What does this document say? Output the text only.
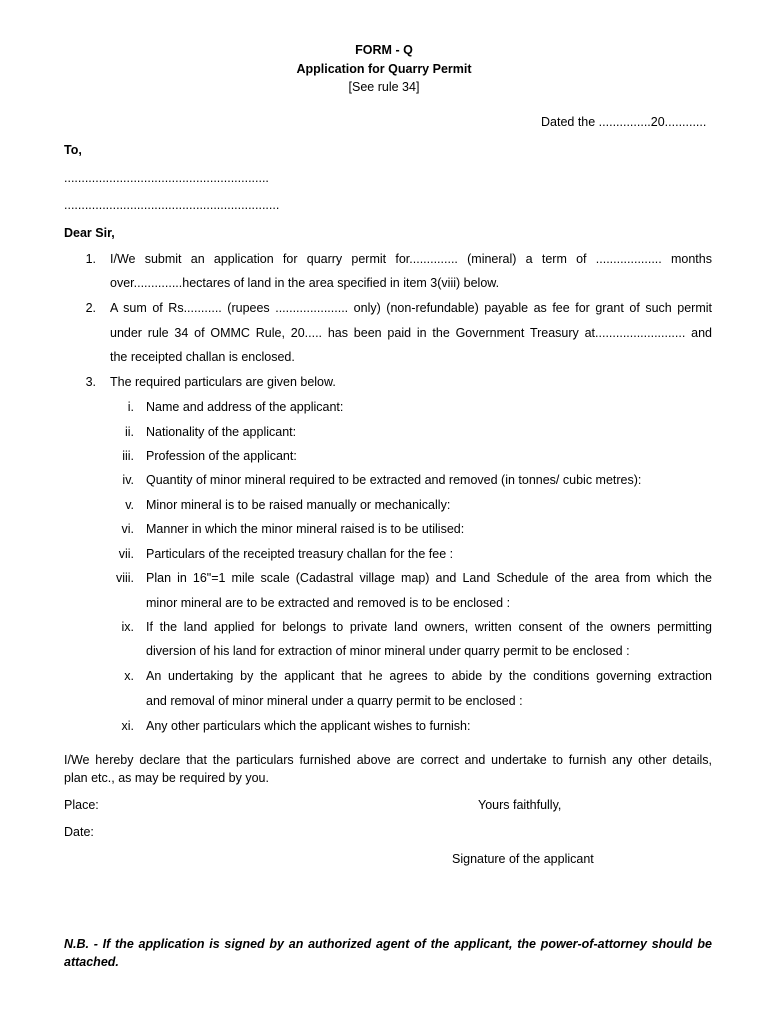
FORM - Q
Application for Quarry Permit
[See rule 34]
Dated the ...............20............
To,
...........................................................
..............................................................
Dear Sir,
1. I/We submit an application for quarry permit for.............. (mineral) a term of ................... months
over..............hectares of land in the area specified in item 3(viii) below.
2. A sum of Rs........... (rupees ..................... only) (non-refundable) payable as fee for grant of such permit
under rule 34 of OMMC Rule, 20..... has been paid in the Government Treasury at.......................... and
the receipted challan is enclosed.
3. The required particulars are given below.
i. Name and address of the applicant:
ii. Nationality of the applicant:
iii. Profession of the applicant:
iv. Quantity of minor mineral required to be extracted and removed (in tonnes/ cubic metres):
v. Minor mineral is to be raised manually or mechanically:
vi. Manner in which the minor mineral raised is to be utilised:
vii. Particulars of the receipted treasury challan for the fee :
viii. Plan in 16"=1 mile scale (Cadastral village map) and Land Schedule of the area from which the
minor mineral are to be extracted and removed is to be enclosed :
ix. If the land applied for belongs to private land owners, written consent of the owners permitting
diversion of his land for extraction of minor mineral under quarry permit to be enclosed :
x. An undertaking by the applicant that he agrees to abide by the conditions governing extraction
and removal of minor mineral under a quarry permit to be enclosed :
xi. Any other particulars which the applicant wishes to furnish:
I/We hereby declare that the particulars furnished above are correct and undertake to furnish any other details,
plan etc., as may be required by you.
Place:	Yours faithfully,
Date:
Signature of the applicant
N.B. - If the application is signed by an authorized agent of the applicant, the power-of-attorney should be
attached.
